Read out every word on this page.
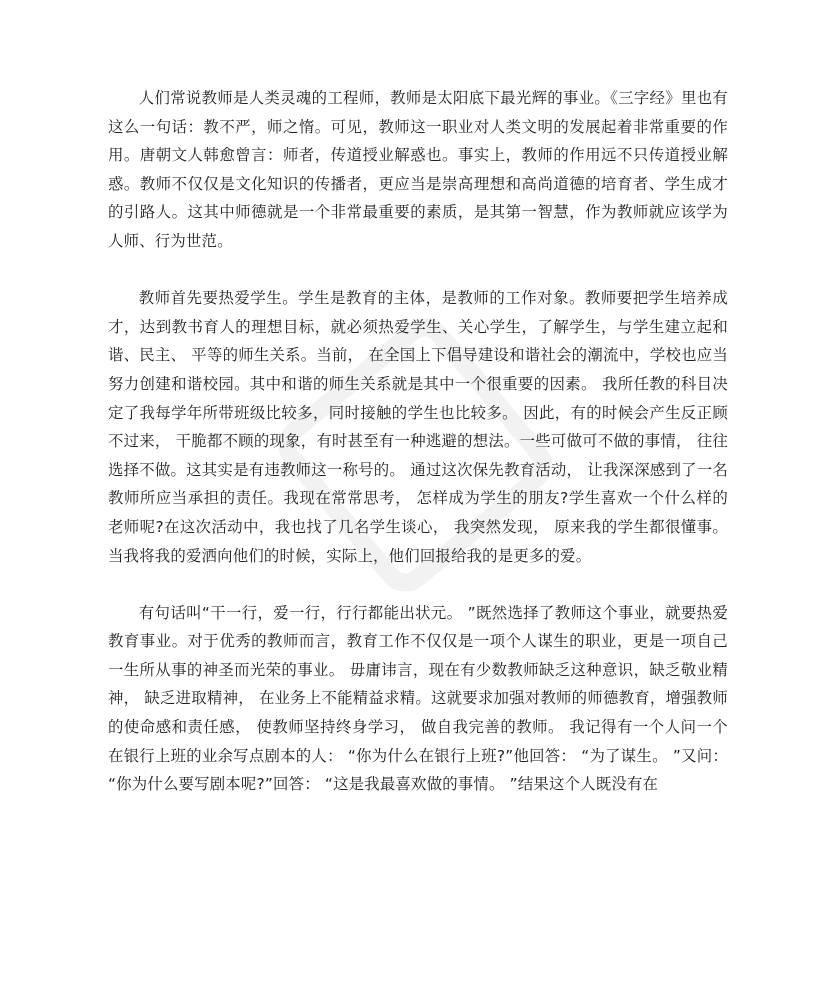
人们常说教师是人类灵魂的工程师，教师是太阳底下最光辉的事业。《三字经》里也有这么一句话：教不严，师之惰。可见，教师这一职业对人类文明的发展起着非常重要的作用。唐朝文人韩愈曾言：师者，传道授业解惑也。事实上，教师的作用远不只传道授业解惑。教师不仅仅是文化知识的传播者，更应当是崇高理想和高尚道德的培育者、学生成才的引路人。这其中师德就是一个非常最重要的素质，是其第一智慧，作为教师就应该学为人师、行为世范。

教师首先要热爱学生。学生是教育的主体，是教师的工作对象。教师要把学生培养成才，达到教书育人的理想目标，就必须热爱学生、关心学生，了解学生，与学生建立起和谐、民主、 平等的师生关系。当前， 在全国上下倡导建设和谐社会的潮流中，学校也应当努力创建和谐校园。其中和谐的师生关系就是其中一个很重要的因素。 我所任教的科目决定了我每学年所带班级比较多，同时接触的学生也比较多。 因此，有的时候会产生反正顾不过来， 干脆都不顾的现象，有时甚至有一种逃避的想法。一些可做可不做的事情， 往往选择不做。这其实是有违教师这一称号的。 通过这次保先教育活动， 让我深深感到了一名教师所应当承担的责任。我现在常常思考， 怎样成为学生的朋友?学生喜欢一个什么样的老师呢?在这次活动中，我也找了几名学生谈心， 我突然发现， 原来我的学生都很懂事。当我将我的爱洒向他们的时候，实际上，他们回报给我的是更多的爱。

有句话叫“干一行，爱一行，行行都能出状元。 ”既然选择了教师这个事业，就要热爱教育事业。对于优秀的教师而言，教育工作不仅仅是一项个人谋生的职业，更是一项自己一生所从事的神圣而光荣的事业。 毋庸讳言，现在有少数教师缺乏这种意识，缺乏敬业精神， 缺乏进取精神， 在业务上不能精益求精。这就要求加强对教师的师德教育，增强教师的使命感和责任感， 使教师坚持终身学习， 做自我完善的教师。 我记得有一个人问一个在银行上班的业余写点剧本的人： “你为什么在银行上班?”他回答： “为了谋生。 ”又问： “你为什么要写剧本呢?”回答： “这是我最喜欢做的事情。 ”结果这个人既没有在
